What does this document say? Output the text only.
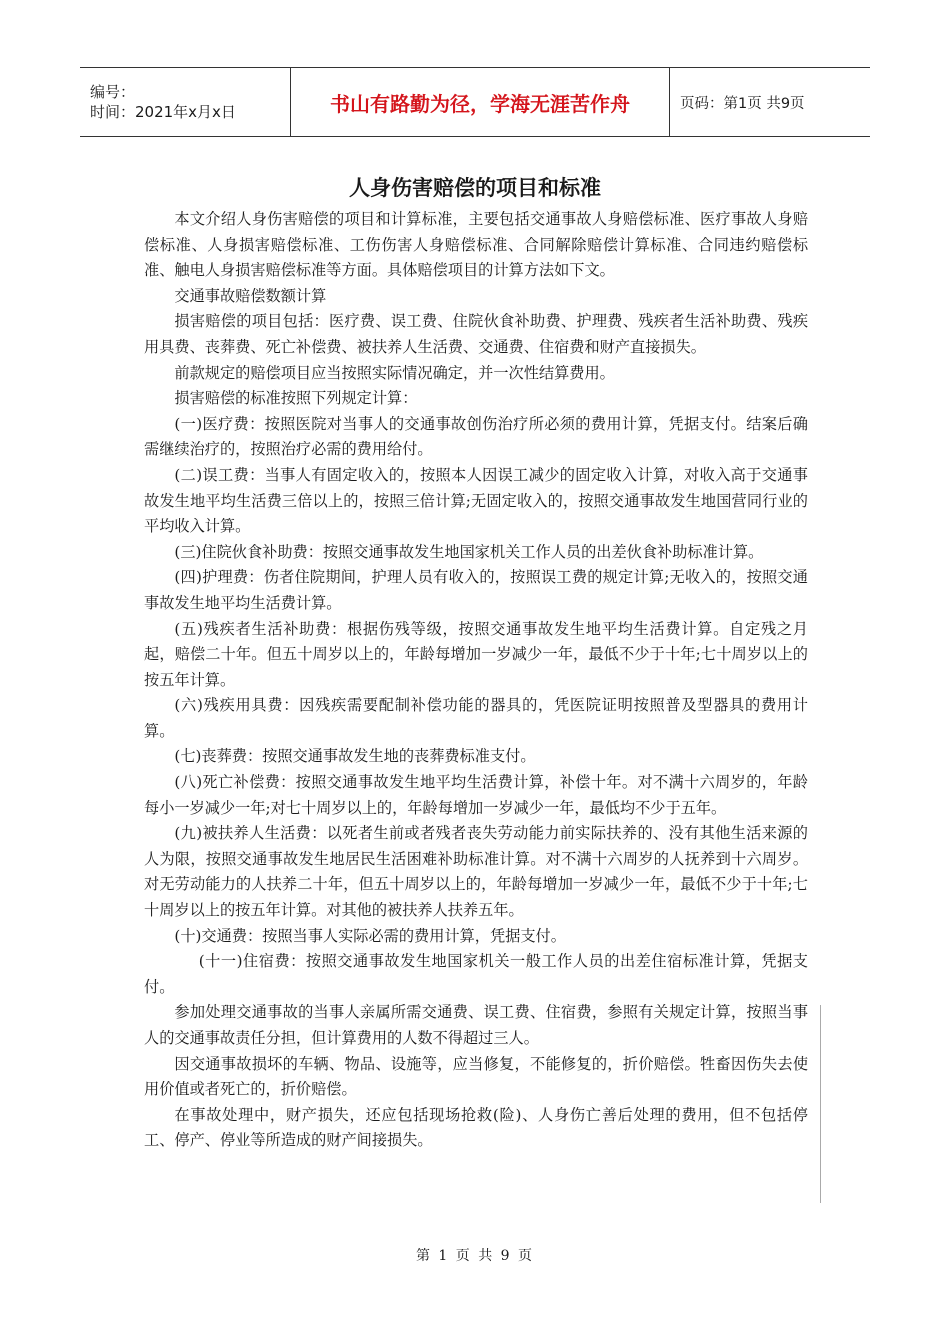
编号：
时间：2021年x月x日	书山有路勤为径，学海无涯苦作舟	页码：第1页 共9页
人身伤害赔偿的项目和标准

本文介绍人身伤害赔偿的项目和计算标准，主要包括交通事故人身赔偿标准、医疗事故人身赔偿标准、人身损害赔偿标准、工伤伤害人身赔偿标准、合同解除赔偿计算标准、合同违约赔偿标准、触电人身损害赔偿标准等方面。具体赔偿项目的计算方法如下文。

交通事故赔偿数额计算

损害赔偿的项目包括：医疗费、误工费、住院伙食补助费、护理费、残疾者生活补助费、残疾用具费、丧葬费、死亡补偿费、被扶养人生活费、交通费、住宿费和财产直接损失。

前款规定的赔偿项目应当按照实际情况确定，并一次性结算费用。

损害赔偿的标准按照下列规定计算：

(一)医疗费：按照医院对当事人的交通事故创伤治疗所必须的费用计算，凭据支付。结案后确需继续治疗的，按照治疗必需的费用给付。

(二)误工费：当事人有固定收入的，按照本人因误工减少的固定收入计算，对收入高于交通事故发生地平均生活费三倍以上的，按照三倍计算;无固定收入的，按照交通事故发生地国营同行业的平均收入计算。

(三)住院伙食补助费：按照交通事故发生地国家机关工作人员的出差伙食补助标准计算。

(四)护理费：伤者住院期间，护理人员有收入的，按照误工费的规定计算;无收入的，按照交通事故发生地平均生活费计算。

(五)残疾者生活补助费：根据伤残等级，按照交通事故发生地平均生活费计算。自定残之月起，赔偿二十年。但五十周岁以上的，年龄每增加一岁减少一年，最低不少于十年;七十周岁以上的按五年计算。

(六)残疾用具费：因残疾需要配制补偿功能的器具的，凭医院证明按照普及型器具的费用计算。

(七)丧葬费：按照交通事故发生地的丧葬费标准支付。

(八)死亡补偿费：按照交通事故发生地平均生活费计算，补偿十年。对不满十六周岁的，年龄每小一岁减少一年;对七十周岁以上的，年龄每增加一岁减少一年，最低均不少于五年。

(九)被扶养人生活费：以死者生前或者残者丧失劳动能力前实际扶养的、没有其他生活来源的人为限，按照交通事故发生地居民生活困难补助标准计算。对不满十六周岁的人抚养到十六周岁。对无劳动能力的人扶养二十年，但五十周岁以上的，年龄每增加一岁减少一年，最低不少于十年;七十周岁以上的按五年计算。对其他的被扶养人扶养五年。

(十)交通费：按照当事人实际必需的费用计算，凭据支付。

(十一)住宿费：按照交通事故发生地国家机关一般工作人员的出差住宿标准计算，凭据支付。

参加处理交通事故的当事人亲属所需交通费、误工费、住宿费，参照有关规定计算，按照当事人的交通事故责任分担，但计算费用的人数不得超过三人。

因交通事故损坏的车辆、物品、设施等，应当修复，不能修复的，折价赔偿。牲畜因伤失去使用价值或者死亡的，折价赔偿。

在事故处理中，财产损失，还应包括现场抢救(险)、人身伤亡善后处理的费用，但不包括停工、停产、停业等所造成的财产间接损失。

第 1 页 共 9 页
